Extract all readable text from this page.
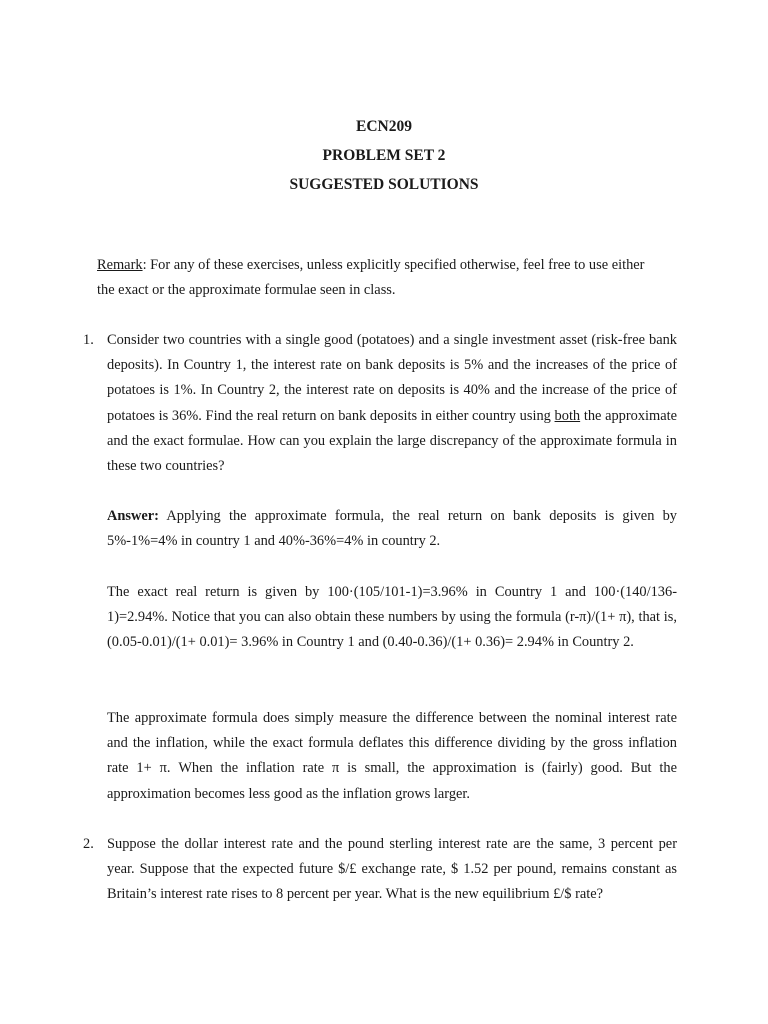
ECN209
PROBLEM SET 2
SUGGESTED SOLUTIONS

Remark: For any of these exercises, unless explicitly specified otherwise, feel free to use either the exact or the approximate formulae seen in class.

1. Consider two countries with a single good (potatoes) and a single investment asset (risk-free bank deposits). In Country 1, the interest rate on bank deposits is 5% and the increases of the price of potatoes is 1%. In Country 2, the interest rate on deposits is 40% and the increase of the price of potatoes is 36%. Find the real return on bank deposits in either country using both the approximate and the exact formulae. How can you explain the large discrepancy of the approximate formula in these two countries?

Answer: Applying the approximate formula, the real return on bank deposits is given by 5%-1%=4% in country 1 and 40%-36%=4% in country 2.

The exact real return is given by 100·(105/101-1)=3.96% in Country 1 and 100·(140/136-1)=2.94%. Notice that you can also obtain these numbers by using the formula (r-π)/(1+ π), that is, (0.05-0.01)/(1+ 0.01)= 3.96% in Country 1 and (0.40-0.36)/(1+ 0.36)= 2.94% in Country 2.

The approximate formula does simply measure the difference between the nominal interest rate and the inflation, while the exact formula deflates this difference dividing by the gross inflation rate 1+ π. When the inflation rate π is small, the approximation is (fairly) good. But the approximation becomes less good as the inflation grows larger.

2. Suppose the dollar interest rate and the pound sterling interest rate are the same, 3 percent per year. Suppose that the expected future $/£ exchange rate, $ 1.52 per pound, remains constant as Britain’s interest rate rises to 8 percent per year. What is the new equilibrium £/$ rate?
